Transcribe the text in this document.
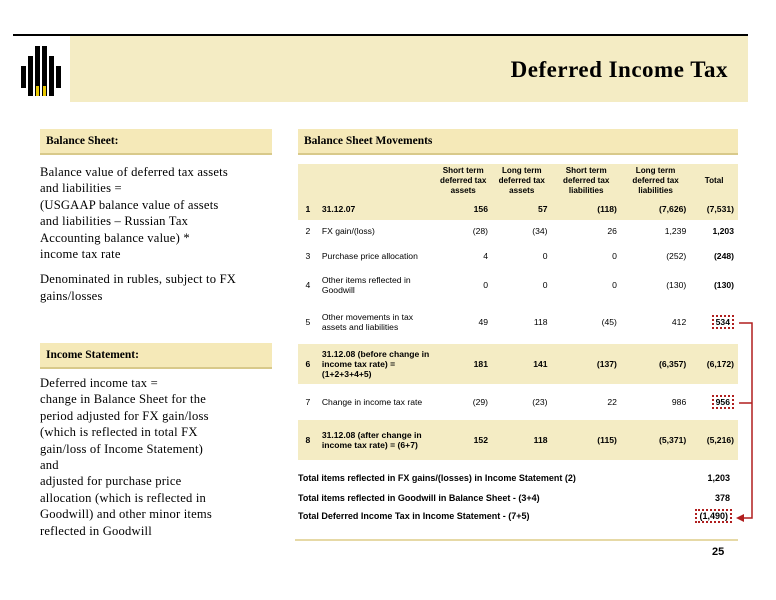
Deferred Income Tax
Balance Sheet:

Balance value of deferred tax assets
and liabilities =
(USGAAP balance value of assets
and liabilities – Russian Tax
Accounting balance value) *
income tax rate

Denominated in rubles, subject to FX
gains/losses

Income Statement:
Deferred income tax =
change in Balance Sheet for the
period adjusted for FX gain/loss
(which is reflected in total FX
gain/loss of Income Statement)
and
adjusted for purchase price
allocation (which is reflected in
Goodwill) and other minor items
reflected in Goodwill
Balance Sheet Movements
		Short term deferred tax assets	Long term deferred tax assets	Short term deferred tax liabilities	Long term deferred tax liabilities	Total
1	31.12.07	156	57	(118)	(7,626)	(7,531)
2	FX gain/(loss)	(28)	(34)	26	1,239	1,203
3	Purchase price allocation	4	0	0	(252)	(248)
4	Other items reflected in Goodwill	0	0	0	(130)	(130)
5	Other movements in tax assets and liabilities	49	118	(45)	412	534
6	31.12.08 (before change in income tax rate) = (1+2+3+4+5)	181	141	(137)	(6,357)	(6,172)
7	Change in income tax rate	(29)	(23)	22	986	956
8	31.12.08 (after change in income tax rate) = (6+7)	152	118	(115)	(5,371)	(5,216)
Total items reflected in FX gains/(losses) in Income Statement (2)	1,203
Total items reflected in Goodwill in Balance Sheet - (3+4)	378
Total Deferred Income Tax in Income Statement - (7+5)	(1,490)
25
